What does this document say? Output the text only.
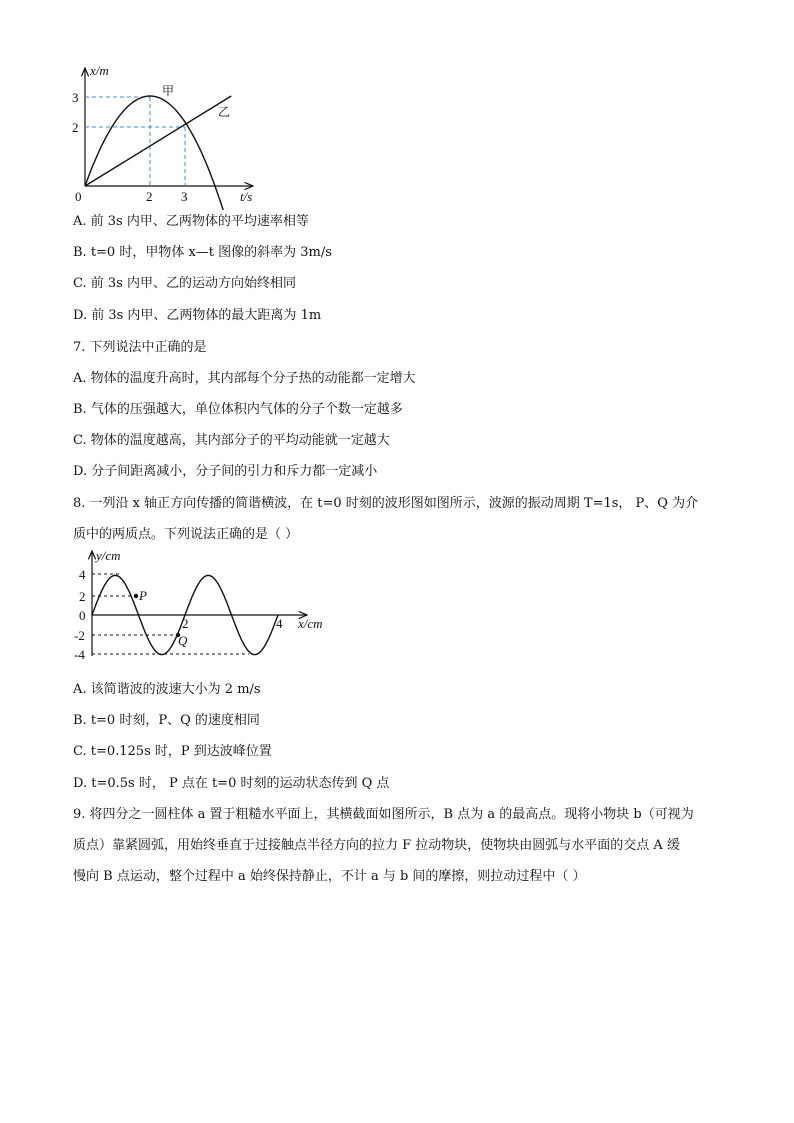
x/m
t/s
0
3
2
2 3
甲
乙
A. 前 3s 内甲、乙两物体的平均速率相等
B. t=0 时，甲物体 x—t 图像的斜率为 3m/s
C. 前 3s 内甲、乙的运动方向始终相同
D. 前 3s 内甲、乙两物体的最大距离为 1m
7. 下列说法中正确的是
A. 物体的温度升高时，其内部每个分子热的动能都一定增大
B. 气体的压强越大，单位体积内气体的分子个数一定越多
C. 物体的温度越高，其内部分子的平均动能就一定越大
D. 分子间距离减小，分子间的引力和斥力都一定减小
8. 一列沿 x 轴正方向传播的简谐横波，在 t=0 时刻的波形图如图所示，波源的振动周期 T=1s， P、Q 为介
质中的两质点。下列说法正确的是（ ）
P
Q
y/cm
x/cm
4
2
0
-2
-4
2	4
A. 该简谐波的波速大小为 2 m/s
B. t=0 时刻，P、Q 的速度相同
C. t=0.125s 时，P 到达波峰位置
D. t=0.5s 时， P 点在 t=0 时刻的运动状态传到 Q 点
9. 将四分之一圆柱体 a 置于粗糙水平面上，其横截面如图所示，B 点为 a 的最高点。现将小物块 b（可视为
质点）靠紧圆弧，用始终垂直于过接触点半径方向的拉力 F 拉动物块，使物块由圆弧与水平面的交点 A 缓
慢向 B 点运动，整个过程中 a 始终保持静止，不计 a 与 b 间的摩擦，则拉动过程中（ ）
